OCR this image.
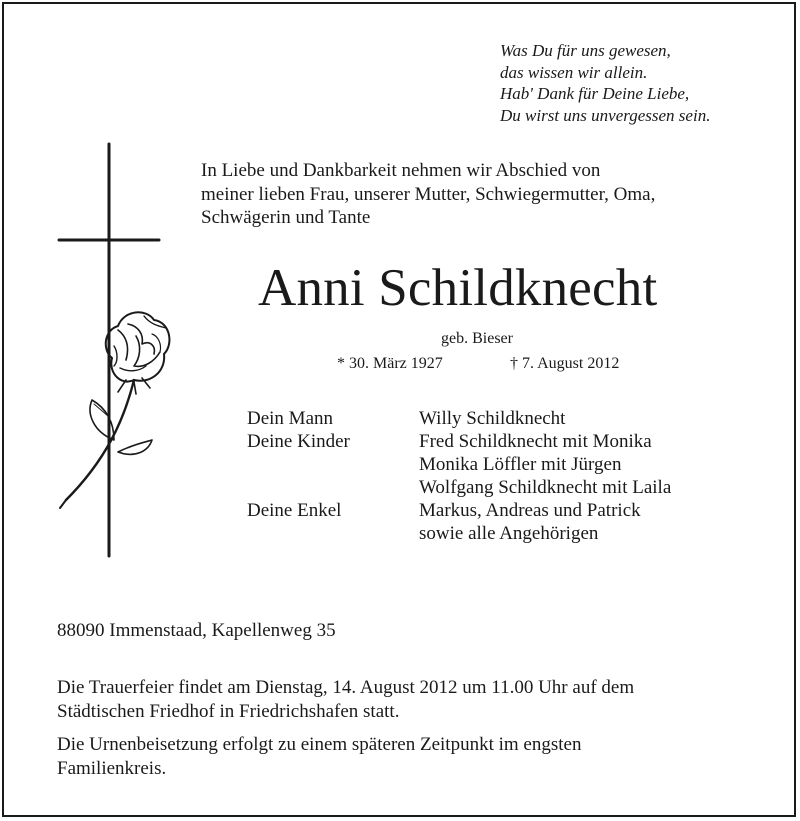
Was Du für uns gewesen,
das wissen wir allein.
Hab' Dank für Deine Liebe,
Du wirst uns unvergessen sein.
In Liebe und Dankbarkeit nehmen wir Abschied von
meiner lieben Frau, unserer Mutter, Schwiegermutter, Oma,
Schwägerin und Tante
Anni Schildknecht
geb. Bieser
* 30. März 1927	† 7. August 2012
Dein Mann	Willy Schildknecht
Deine Kinder	Fred Schildknecht mit Monika
Monika Löffler mit Jürgen
Wolfgang Schildknecht mit Laila
Deine Enkel	Markus, Andreas und Patrick
sowie alle Angehörigen
88090 Immenstaad, Kapellenweg 35
Die Trauerfeier findet am Dienstag, 14. August 2012 um 11.00 Uhr auf dem
Städtischen Friedhof in Friedrichshafen statt.
Die Urnenbeisetzung erfolgt zu einem späteren Zeitpunkt im engsten
Familienkreis.
